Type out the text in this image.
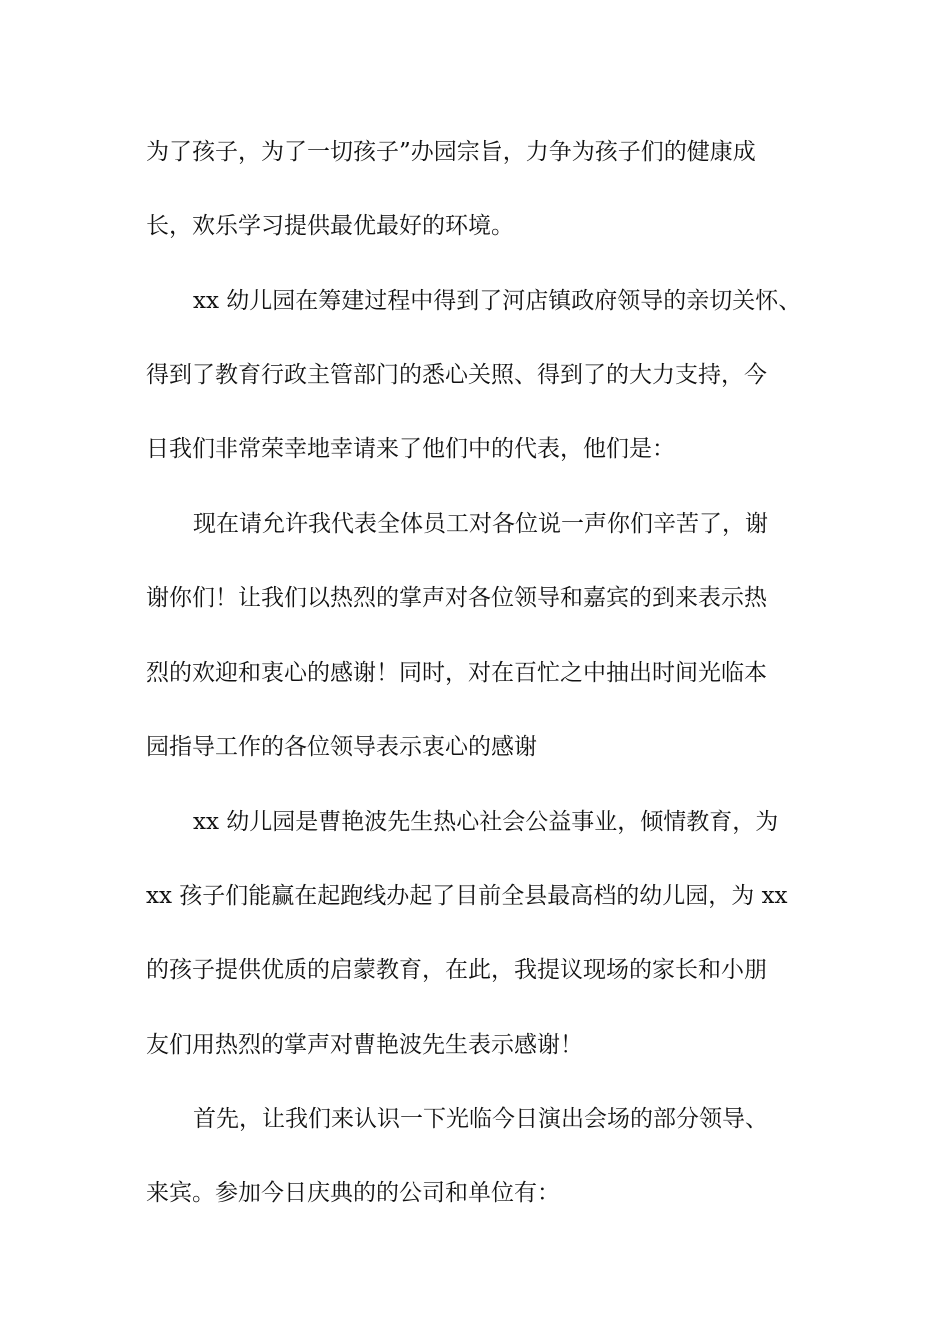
为了孩子，为了一切孩子”办园宗旨，力争为孩子们的健康成
长，欢乐学习提供最优最好的环境。
xx 幼儿园在筹建过程中得到了河店镇政府领导的亲切关怀、
得到了教育行政主管部门的悉心关照、得到了的大力支持，今
日我们非常荣幸地幸请来了他们中的代表，他们是：
现在请允许我代表全体员工对各位说一声你们辛苦了，谢
谢你们！让我们以热烈的掌声对各位领导和嘉宾的到来表示热
烈的欢迎和衷心的感谢！同时，对在百忙之中抽出时间光临本
园指导工作的各位领导表示衷心的感谢
xx 幼儿园是曹艳波先生热心社会公益事业，倾情教育，为
xx 孩子们能赢在起跑线办起了目前全县最高档的幼儿园，为 xx
的孩子提供优质的启蒙教育，在此，我提议现场的家长和小朋
友们用热烈的掌声对曹艳波先生表示感谢！
首先，让我们来认识一下光临今日演出会场的部分领导、
来宾。参加今日庆典的的公司和单位有：
